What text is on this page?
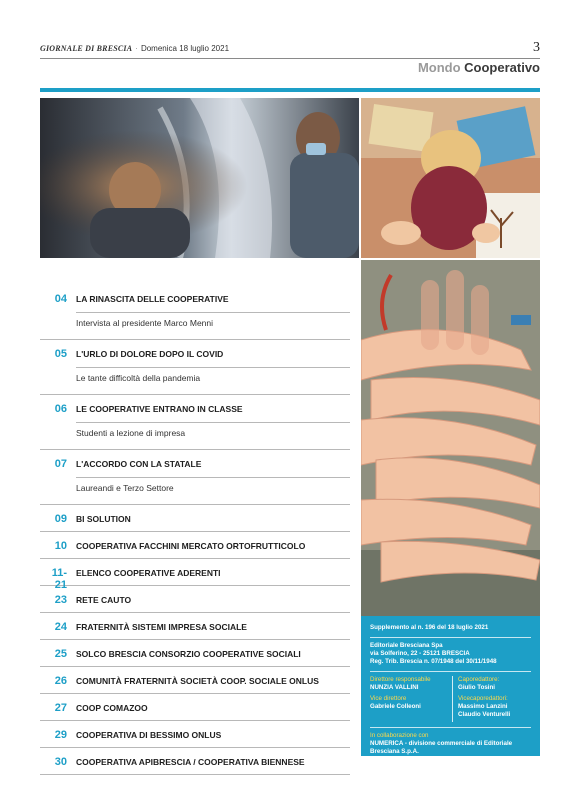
GIORNALE DI BRESCIA · Domenica 18 luglio 2021	3
Mondo Cooperativo
04 LA RINASCITA DELLE COOPERATIVE
Intervista al presidente Marco Menni
05 L'URLO DI DOLORE DOPO IL COVID
Le tante difficoltà della pandemia
06 LE COOPERATIVE ENTRANO IN CLASSE
Studenti a lezione di impresa
07 L'ACCORDO CON LA STATALE
Laureandi e Terzo Settore
09 BI SOLUTION
10 COOPERATIVA FACCHINI MERCATO ORTOFRUTTICOLO
11-21
ELENCO COOPERATIVE ADERENTI
23 RETE CAUTO
24 FRATERNITÀ SISTEMI IMPRESA SOCIALE
25 SOLCO BRESCIA CONSORZIO COOPERATIVE SOCIALI
26 COMUNITÀ FRATERNITÀ SOCIETÀ COOP. SOCIALE ONLUS
27 COOP COMAZOO
29 COOPERATIVA DI BESSIMO ONLUS
30 COOPERATIVA APIBRESCIA / COOPERATIVA BIENNESE
Supplemento al n. 196 del 18 luglio 2021
Editoriale Bresciana Spa
via Solferino, 22 - 25121 BRESCIA
Reg. Trib. Brescia n. 07/1948 del 30/11/1948
Direttore responsabile
NUNZIA VALLINI
Vice direttore
Gabriele Colleoni
Caporedattore:
Giulio Tosini
Vicecaporedattori:
Massimo Lanzini
Claudio Venturelli
In collaborazione con
NUMERICA - divisione commerciale di Editoriale Bresciana S.p.A.
